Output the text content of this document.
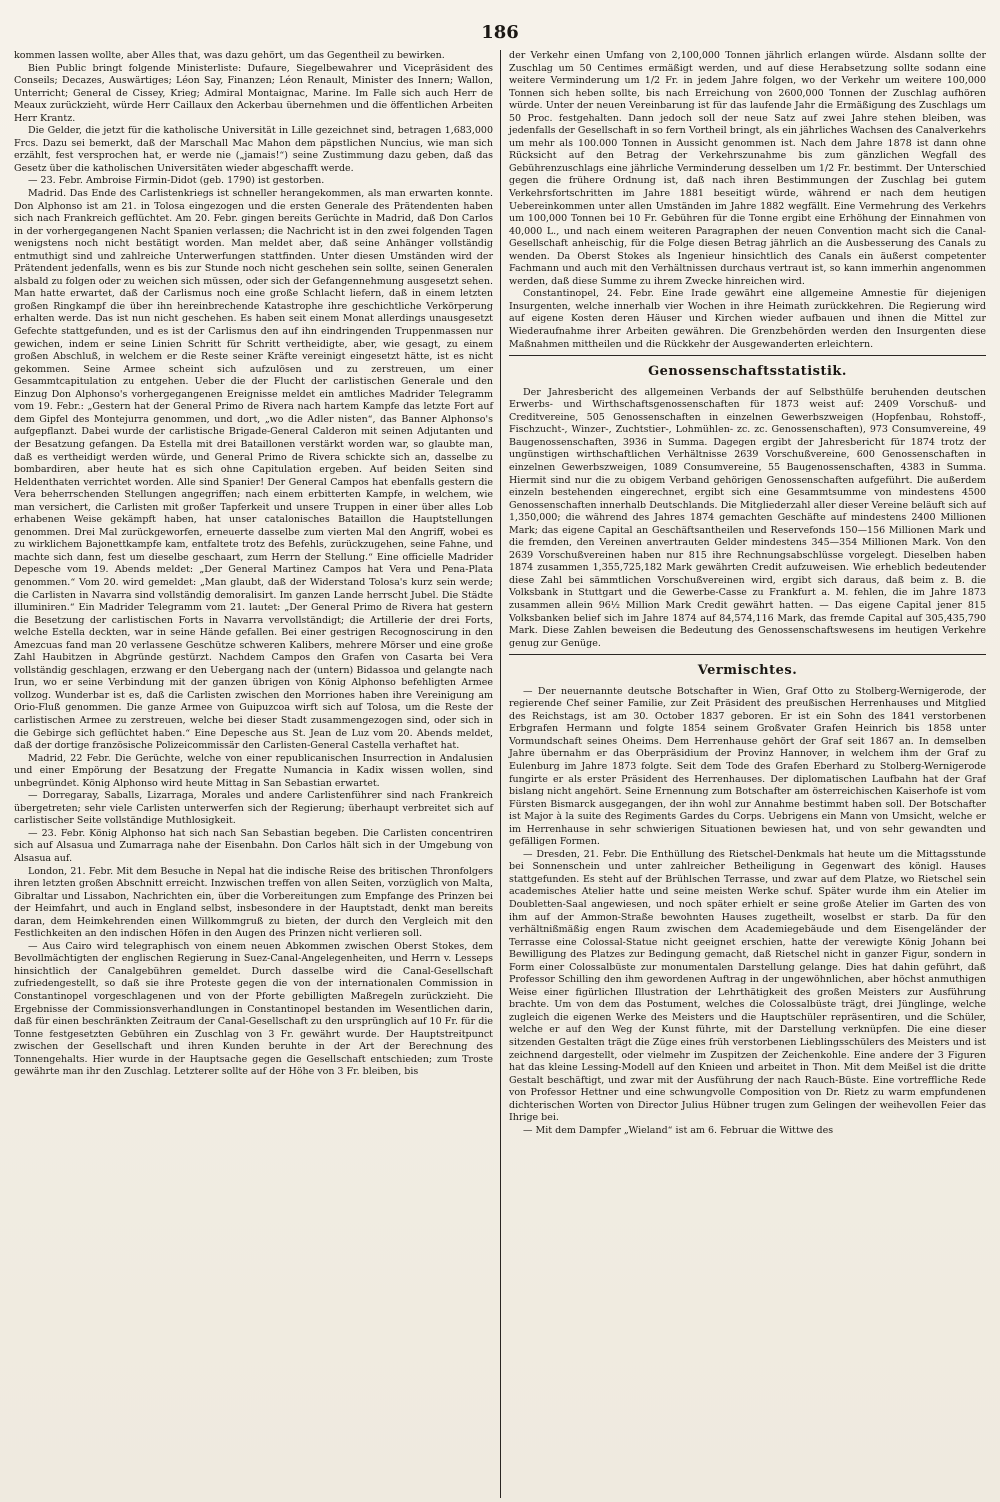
186

kommen lassen wollte, aber Alles that, was dazu gehört, um das Gegentheil zu bewirken.

Bien Public bringt folgende Ministerliste: Dufaure, Siegelbewahrer und Vicepräsident des Conseils; Decazes, Auswärtiges; Léon Say, Finanzen; Léon Renault, Minister des Innern; Wallon, Unterricht; General de Cissey, Krieg; Admiral Montaignac, Marine. Im Falle sich auch Herr de Meaux zurückzieht, würde Herr Caillaux den Ackerbau übernehmen und die öffentlichen Arbeiten Herr Krantz.

Die Gelder, die jetzt für die katholische Universität in Lille gezeichnet sind, betragen 1,683,000 Frcs. Dazu sei bemerkt, daß der Marschall Mac Mahon dem päpstlichen Nuncius, wie man sich erzählt, fest versprochen hat, er werde nie („jamais!“) seine Zustimmung dazu geben, daß das Gesetz über die katholischen Universitäten wieder abgeschafft werde.

— 23. Febr. Ambroise Firmin-Didot (geb. 1790) ist gestorben.

Madrid. Das Ende des Carlistenkriegs ist schneller herangekommen, als man erwarten konnte. Don Alphonso ist am 21. in Tolosa eingezogen und die ersten Generale des Prätendenten haben sich nach Frankreich geflüchtet. Am 20. Febr. gingen bereits Gerüchte in Madrid, daß Don Carlos in der vorhergegangenen Nacht Spanien verlassen; die Nachricht ist in den zwei folgenden Tagen wenigstens noch nicht bestätigt worden. Man meldet aber, daß seine Anhänger vollständig entmuthigt sind und zahlreiche Unterwerfungen stattfinden. Unter diesen Umständen wird der Prätendent jedenfalls, wenn es bis zur Stunde noch nicht geschehen sein sollte, seinen Generalen alsbald zu folgen oder zu weichen sich müssen, oder sich der Gefangennehmung ausgesetzt sehen. Man hatte erwartet, daß der Carlismus noch eine große Schlacht liefern, daß in einem letzten großen Ringkampf die über ihn hereinbrechende Katastrophe ihre geschichtliche Verkörperung erhalten werde. Das ist nun nicht geschehen. Es haben seit einem Monat allerdings unausgesetzt Gefechte stattgefunden, und es ist der Carlismus den auf ihn eindringenden Truppenmassen nur gewichen, indem er seine Linien Schritt für Schritt vertheidigte, aber, wie gesagt, zu einem großen Abschluß, in welchem er die Reste seiner Kräfte vereinigt eingesetzt hätte, ist es nicht gekommen. Seine Armee scheint sich aufzulösen und zu zerstreuen, um einer Gesammtcapitulation zu entgehen. Ueber die der Flucht der carlistischen Generale und den Einzug Don Alphonso's vorhergegangenen Ereignisse meldet ein amtliches Madrider Telegramm vom 19. Febr.: „Gestern hat der General Primo de Rivera nach hartem Kampfe das letzte Fort auf dem Gipfel des Montejurra genommen, und dort, „wo die Adler nisten“, das Banner Alphonso's aufgepflanzt. Dabei wurde der carlistische Brigade-General Calderon mit seinen Adjutanten und der Besatzung gefangen. Da Estella mit drei Bataillonen verstärkt worden war, so glaubte man, daß es vertheidigt werden würde, und General Primo de Rivera schickte sich an, dasselbe zu bombardiren, aber heute hat es sich ohne Capitulation ergeben. Auf beiden Seiten sind Heldenthaten verrichtet worden. Alle sind Spanier! Der General Campos hat ebenfalls gestern die Vera beherrschenden Stellungen angegriffen; nach einem erbitterten Kampfe, in welchem, wie man versichert, die Carlisten mit großer Tapferkeit und unsere Truppen in einer über alles Lob erhabenen Weise gekämpft haben, hat unser catalonisches Bataillon die Hauptstellungen genommen. Drei Mal zurückgeworfen, erneuerte dasselbe zum vierten Mal den Angriff, wobei es zu wirklichem Bajonettkampfe kam, entfaltete trotz des Befehls, zurückzugehen, seine Fahne, und machte sich dann, fest um dieselbe geschaart, zum Herrn der Stellung.“ Eine officielle Madrider Depesche vom 19. Abends meldet: „Der General Martinez Campos hat Vera und Pena-Plata genommen.“ Vom 20. wird gemeldet: „Man glaubt, daß der Widerstand Tolosa's kurz sein werde; die Carlisten in Navarra sind vollständig demoralisirt. Im ganzen Lande herrscht Jubel. Die Städte illuminiren.“ Ein Madrider Telegramm vom 21. lautet: „Der General Primo de Rivera hat gestern die Besetzung der carlistischen Forts in Navarra vervollständigt; die Artillerie der drei Forts, welche Estella deckten, war in seine Hände gefallen. Bei einer gestrigen Recognoscirung in den Amezcuas fand man 20 verlassene Geschütze schweren Kalibers, mehrere Mörser und eine große Zahl Haubitzen in Abgründe gestürzt. Nachdem Campos den Grafen von Casarta bei Vera vollständig geschlagen, erzwang er den Uebergang nach der (untern) Bidassoa und gelangte nach Irun, wo er seine Verbindung mit der ganzen übrigen von König Alphonso befehligten Armee vollzog. Wunderbar ist es, daß die Carlisten zwischen den Morriones haben ihre Vereinigung am Orio-Fluß genommen. Die ganze Armee von Guipuzcoa wirft sich auf Tolosa, um die Reste der carlistischen Armee zu zerstreuen, welche bei dieser Stadt zusammengezogen sind, oder sich in die Gebirge sich geflüchtet haben.“ Eine Depesche aus St. Jean de Luz vom 20. Abends meldet, daß der dortige französische Polizeicommissär den Carlisten-General Castella verhaftet hat.

Madrid, 22 Febr. Die Gerüchte, welche von einer republicanischen Insurrection in Andalusien und einer Empörung der Besatzung der Fregatte Numancia in Kadix wissen wollen, sind unbegründet. König Alphonso wird heute Mittag in San Sebastian erwartet.

— Dorregaray, Saballs, Lizarraga, Morales und andere Carlistenführer sind nach Frankreich übergetreten; sehr viele Carlisten unterwerfen sich der Regierung; überhaupt verbreitet sich auf carlistischer Seite vollständige Muthlosigkeit.

— 23. Febr. König Alphonso hat sich nach San Sebastian begeben. Die Carlisten concentriren sich auf Alsasua und Zumarraga nahe der Eisenbahn. Don Carlos hält sich in der Umgebung von Alsasua auf.

London, 21. Febr. Mit dem Besuche in Nepal hat die indische Reise des britischen Thronfolgers ihren letzten großen Abschnitt erreicht. Inzwischen treffen von allen Seiten, vorzüglich von Malta, Gibraltar und Lissabon, Nachrichten ein, über die Vorbereitungen zum Empfange des Prinzen bei der Heimfahrt, und auch in England selbst, insbesondere in der Hauptstadt, denkt man bereits daran, dem Heimkehrenden einen Willkommgruß zu bieten, der durch den Vergleich mit den Festlichkeiten an den indischen Höfen in den Augen des Prinzen nicht verlieren soll.

— Aus Cairo wird telegraphisch von einem neuen Abkommen zwischen Oberst Stokes, dem Bevollmächtigten der englischen Regierung in Suez-Canal-Angelegenheiten, und Herrn v. Lesseps hinsichtlich der Canalgebühren gemeldet. Durch dasselbe wird die Canal-Gesellschaft zufriedengestellt, so daß sie ihre Proteste gegen die von der internationalen Commission in Constantinopel vorgeschlagenen und von der Pforte gebilligten Maßregeln zurückzieht. Die Ergebnisse der Commissionsverhandlungen in Constantinopel bestanden im Wesentlichen darin, daß für einen beschränkten Zeitraum der Canal-Gesellschaft zu den ursprünglich auf 10 Fr. für die Tonne festgesetzten Gebühren ein Zuschlag von 3 Fr. gewährt wurde. Der Hauptstreitpunct zwischen der Gesellschaft und ihren Kunden beruhte in der Art der Berechnung des Tonnengehalts. Hier wurde in der Hauptsache gegen die Gesellschaft entschieden; zum Troste gewährte man ihr den Zuschlag. Letzterer sollte auf der Höhe von 3 Fr. bleiben, bis

der Verkehr einen Umfang von 2,100,000 Tonnen jährlich erlangen würde. Alsdann sollte der Zuschlag um 50 Centimes ermäßigt werden, und auf diese Herabsetzung sollte sodann eine weitere Verminderung um 1/2 Fr. in jedem Jahre folgen, wo der Verkehr um weitere 100,000 Tonnen sich heben sollte, bis nach Erreichung von 2600,000 Tonnen der Zuschlag aufhören würde. Unter der neuen Vereinbarung ist für das laufende Jahr die Ermäßigung des Zuschlags um 50 Proc. festgehalten. Dann jedoch soll der neue Satz auf zwei Jahre stehen bleiben, was jedenfalls der Gesellschaft in so fern Vortheil bringt, als ein jährliches Wachsen des Canalverkehrs um mehr als 100.000 Tonnen in Aussicht genommen ist. Nach dem Jahre 1878 ist dann ohne Rücksicht auf den Betrag der Verkehrszunahme bis zum gänzlichen Wegfall des Gebührenzuschlags eine jährliche Verminderung desselben um 1/2 Fr. bestimmt. Der Unterschied gegen die frühere Ordnung ist, daß nach ihren Bestimmungen der Zuschlag bei gutem Verkehrsfortschritten im Jahre 1881 beseitigt würde, während er nach dem heutigen Uebereinkommen unter allen Umständen im Jahre 1882 wegfällt. Eine Vermehrung des Verkehrs um 100,000 Tonnen bei 10 Fr. Gebühren für die Tonne ergibt eine Erhöhung der Einnahmen von 40,000 L., und nach einem weiteren Paragraphen der neuen Convention macht sich die Canal-Gesellschaft anheischig, für die Folge diesen Betrag jährlich an die Ausbesserung des Canals zu wenden. Da Oberst Stokes als Ingenieur hinsichtlich des Canals ein äußerst competenter Fachmann und auch mit den Verhältnissen durchaus vertraut ist, so kann immerhin angenommen werden, daß diese Summe zu ihrem Zwecke hinreichen wird.

Constantinopel, 24. Febr. Eine Irade gewährt eine allgemeine Amnestie für diejenigen Insurgenten, welche innerhalb vier Wochen in ihre Heimath zurückkehren. Die Regierung wird auf eigene Kosten deren Häuser und Kirchen wieder aufbauen und ihnen die Mittel zur Wiederaufnahme ihrer Arbeiten gewähren. Die Grenzbehörden werden den Insurgenten diese Maßnahmen mittheilen und die Rückkehr der Ausgewanderten erleichtern.

Genossenschaftsstatistik.

Der Jahresbericht des allgemeinen Verbands der auf Selbsthülfe beruhenden deutschen Erwerbs- und Wirthschaftsgenossenschaften für 1873 weist auf: 2409 Vorschuß- und Creditvereine, 505 Genossenschaften in einzelnen Gewerbszweigen (Hopfenbau, Rohstoff-, Fischzucht-, Winzer-, Zuchtstier-, Lohmühlen- zc. zc. Genossenschaften), 973 Consumvereine, 49 Baugenossenschaften, 3936 in Summa. Dagegen ergibt der Jahresbericht für 1874 trotz der ungünstigen wirthschaftlichen Verhältnisse 2639 Vorschußvereine, 600 Genossenschaften in einzelnen Gewerbszweigen, 1089 Consumvereine, 55 Baugenossenschaften, 4383 in Summa. Hiermit sind nur die zu obigem Verband gehörigen Genossenschaften aufgeführt. Die außerdem einzeln bestehenden eingerechnet, ergibt sich eine Gesammtsumme von mindestens 4500 Genossenschaften innerhalb Deutschlands. Die Mitgliederzahl aller dieser Vereine beläuft sich auf 1,350,000; die während des Jahres 1874 gemachten Geschäfte auf mindestens 2400 Millionen Mark; das eigene Capital an Geschäftsantheilen und Reservefonds 150—156 Millionen Mark und die fremden, den Vereinen anvertrauten Gelder mindestens 345—354 Millionen Mark. Von den 2639 Vorschußvereinen haben nur 815 ihre Rechnungsabschlüsse vorgelegt. Dieselben haben 1874 zusammen 1,355,725,182 Mark gewährten Credit aufzuweisen. Wie erheblich bedeutender diese Zahl bei sämmtlichen Vorschußvereinen wird, ergibt sich daraus, daß beim z. B. die Volksbank in Stuttgart und die Gewerbe-Casse zu Frankfurt a. M. fehlen, die im Jahre 1873 zusammen allein 96½ Million Mark Credit gewährt hatten. — Das eigene Capital jener 815 Volksbanken belief sich im Jahre 1874 auf 84,574,116 Mark, das fremde Capital auf 305,435,790 Mark. Diese Zahlen beweisen die Bedeutung des Genossenschaftswesens im heutigen Verkehre genug zur Genüge.

Vermischtes.

— Der neuernannte deutsche Botschafter in Wien, Graf Otto zu Stolberg-Wernigerode, der regierende Chef seiner Familie, zur Zeit Präsident des preußischen Herrenhauses und Mitglied des Reichstags, ist am 30. October 1837 geboren. Er ist ein Sohn des 1841 verstorbenen Erbgrafen Hermann und folgte 1854 seinem Großvater Grafen Heinrich bis 1858 unter Vormundschaft seines Oheims. Dem Herrenhause gehört der Graf seit 1867 an. In demselben Jahre übernahm er das Oberpräsidium der Provinz Hannover, in welchem ihm der Graf zu Eulenburg im Jahre 1873 folgte. Seit dem Tode des Grafen Eberhard zu Stolberg-Wernigerode fungirte er als erster Präsident des Herrenhauses. Der diplomatischen Laufbahn hat der Graf bislang nicht angehört. Seine Ernennung zum Botschafter am österreichischen Kaiserhofe ist vom Fürsten Bismarck ausgegangen, der ihn wohl zur Annahme bestimmt haben soll. Der Botschafter ist Major à la suite des Regiments Gardes du Corps. Uebrigens ein Mann von Umsicht, welche er im Herrenhause in sehr schwierigen Situationen bewiesen hat, und von sehr gewandten und gefälligen Formen.

— Dresden, 21. Febr. Die Enthüllung des Rietschel-Denkmals hat heute um die Mittagsstunde bei Sonnenschein und unter zahlreicher Betheiligung in Gegenwart des königl. Hauses stattgefunden. Es steht auf der Brühlschen Terrasse, und zwar auf dem Platze, wo Rietschel sein academisches Atelier hatte und seine meisten Werke schuf. Später wurde ihm ein Atelier im Doubletten-Saal angewiesen, und noch später erhielt er seine große Atelier im Garten des von ihm auf der Ammon-Straße bewohnten Hauses zugetheilt, woselbst er starb. Da für den verhältnißmäßig engen Raum zwischen dem Academiegebäude und dem Eisengeländer der Terrasse eine Colossal-Statue nicht geeignet erschien, hatte der verewigte König Johann bei Bewilligung des Platzes zur Bedingung gemacht, daß Rietschel nicht in ganzer Figur, sondern in Form einer Colossalbüste zur monumentalen Darstellung gelange. Dies hat dahin geführt, daß Professor Schilling den ihm gewordenen Auftrag in der ungewöhnlichen, aber höchst anmuthigen Weise einer figürlichen Illustration der Lehrthätigkeit des großen Meisters zur Ausführung brachte. Um von dem das Postument, welches die Colossalbüste trägt, drei Jünglinge, welche zugleich die eigenen Werke des Meisters und die Hauptschüler repräsentiren, und die Schüler, welche er auf den Weg der Kunst führte, mit der Darstellung verknüpfen. Die eine dieser sitzenden Gestalten trägt die Züge eines früh verstorbenen Lieblingsschülers des Meisters und ist zeichnend dargestellt, oder vielmehr im Zuspitzen der Zeichenkohle. Eine andere der 3 Figuren hat das kleine Lessing-Modell auf den Knieen und arbeitet in Thon. Mit dem Meißel ist die dritte Gestalt beschäftigt, und zwar mit der Ausführung der nach Rauch-Büste. Eine vortreffliche Rede von Professor Hettner und eine schwungvolle Composition von Dr. Rietz zu warm empfundenen dichterischen Worten von Director Julius Hübner trugen zum Gelingen der weihevollen Feier das Ihrige bei.

— Mit dem Dampfer „Wieland“ ist am 6. Februar die Wittwe des
